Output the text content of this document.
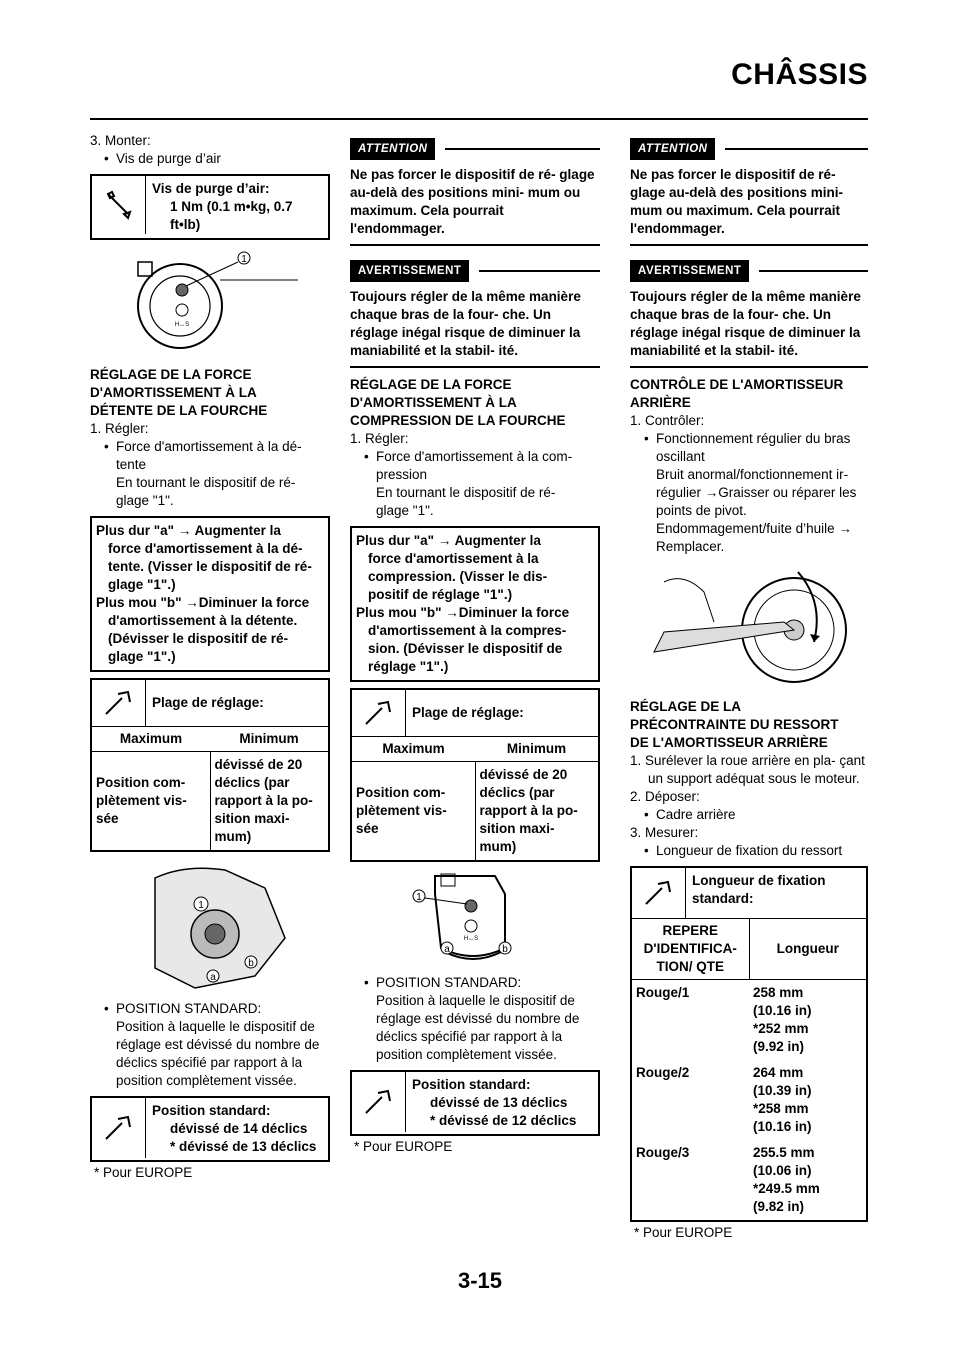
CHÂSSIS

3. Monter:

• Vis de purge d’air

Vis de purge d’air:
1 Nm (0.1 m•kg, 0.7
ft•lb)
1
H↔S
RÉGLAGE DE LA FORCE
D'AMORTISSEMENT À LA
DÉTENTE DE LA FOURCHE

1. Régler:

• Force d'amortissement à la dé-

tente

En tournant le dispositif de ré-

glage "1".

Plus dur "a" → Augmenter la
force d'amortissement à la dé-
tente. (Visser le dispositif de ré-
glage "1".)
Plus mou "b" →Diminuer la force
d'amortissement à la détente.
(Dévisser le dispositif de ré-
glage "1".)
Plage de réglage:
Maximum	Minimum
Position com- plètement vis- sée
dévissé de 20 déclics (par rapport à la po- sition maxi- mum)
1
b
a

• POSITION STANDARD:

Position à laquelle le dispositif de réglage est dévissé du nombre de déclics spécifié par rapport à la position complètement vissée.

Position standard:
dévissé de 14 déclics
* dévissé de 13 déclics
* Pour EUROPE
ATTENTION
Ne pas forcer le dispositif de ré- glage au-delà des positions mini- mum ou maximum. Cela pourrait l'endommager.
AVERTISSEMENT
Toujours régler de la même manière chaque bras de la four- che. Un réglage inégal risque de diminuer la maniabilité et la stabil- ité.
RÉGLAGE DE LA FORCE
D'AMORTISSEMENT À LA
COMPRESSION DE LA FOURCHE

1. Régler:

• Force d'amortissement à la com-

pression

En tournant le dispositif de ré-

glage "1".

Plus dur "a" → Augmenter la
force d'amortissement à la
compression. (Visser le dis-
positif de réglage "1".)
Plus mou "b" →Diminuer la force
d'amortissement à la compres-
sion. (Dévisser le dispositif de
réglage "1".)
Plage de réglage:
Maximum	Minimum
Position com- plètement vis- sée
dévissé de 20 déclics (par rapport à la po- sition maxi- mum)
H↔S
1
a	b

• POSITION STANDARD:

Position à laquelle le dispositif de réglage est dévissé du nombre de déclics spécifié par rapport à la position complètement vissée.

Position standard:
dévissé de 13 déclics
* dévissé de 12 déclics
* Pour EUROPE
ATTENTION
Ne pas forcer le dispositif de ré- glage au-delà des positions mini- mum ou maximum. Cela pourrait l'endommager.
AVERTISSEMENT
Toujours régler de la même manière chaque bras de la four- che. Un réglage inégal risque de diminuer la maniabilité et la stabil- ité.
CONTRÔLE DE L'AMORTISSEUR
ARRIÈRE

1. Contrôler:

• Fonctionnement régulier du bras oscillant

Bruit anormal/fonctionnement ir- régulier →Graisser ou réparer les points de pivot.

Endommagement/fuite d’huile → Remplacer.

RÉGLAGE DE LA
PRÉCONTRAINTE DU RESSORT
DE L'AMORTISSEUR ARRIÈRE

1. Surélever la roue arrière en pla- çant un support adéquat sous le moteur.

2. Déposer:

• Cadre arrière

3. Mesurer:

• Longueur de fixation du ressort

Longueur de fixation standard:
REPERE D'IDENTIFICA- TION/ QTE
Longueur
Rouge/1	258 mm
(10.16 in)
*252 mm
(9.92 in)
Rouge/2	264 mm
(10.39 in)
*258 mm
(10.16 in)
Rouge/3	255.5 mm
(10.06 in)
*249.5 mm
(9.82 in)
* Pour EUROPE
3-15
